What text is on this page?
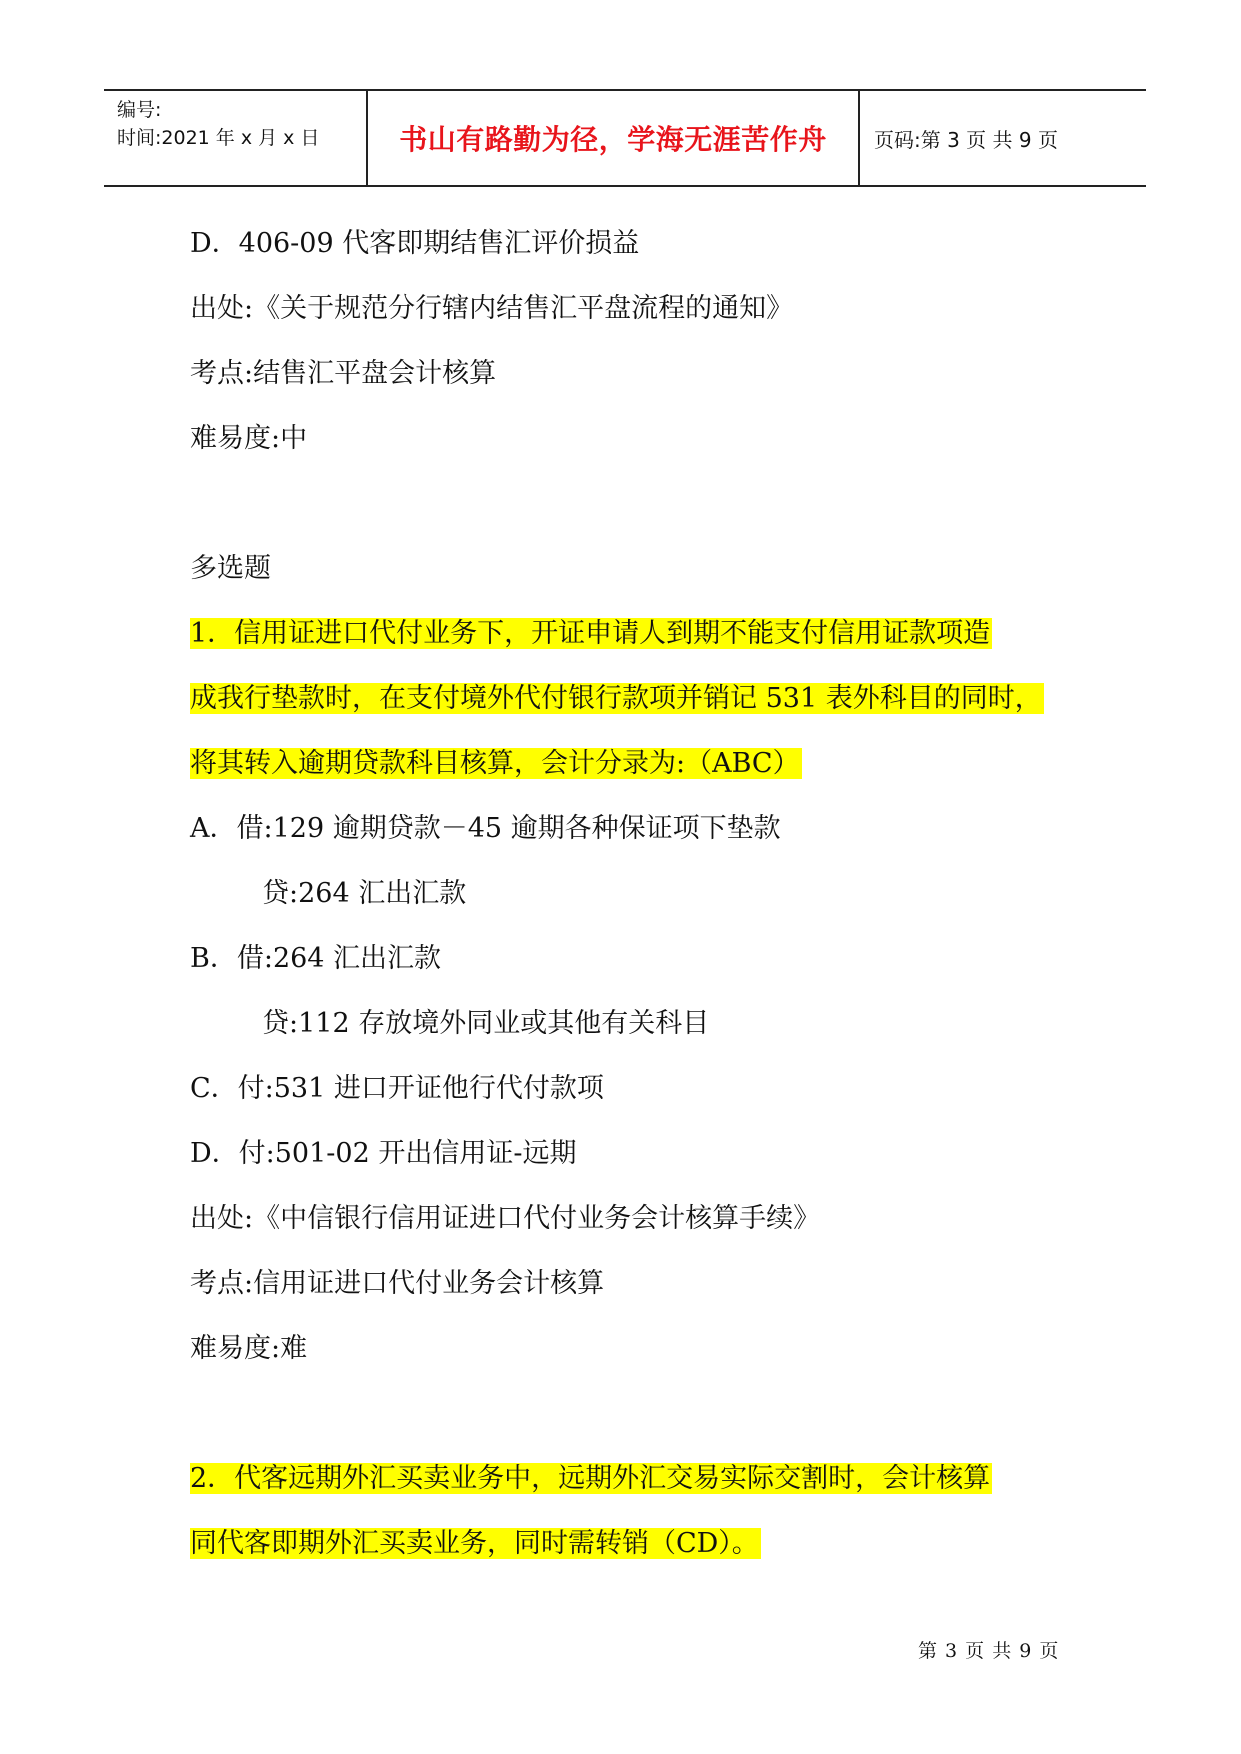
编号:
时间:2021 年 x 月 x 日	书山有路勤为径，学海无涯苦作舟 页码:第 3 页 共 9 页
D．406-09 代客即期结售汇评价损益
出处:《关于规范分行辖内结售汇平盘流程的通知》
考点:结售汇平盘会计核算
难易度:中
多选题
1．信用证进口代付业务下，开证申请人到期不能支付信用证款项造
成我行垫款时，在支付境外代付银行款项并销记 531 表外科目的同时，
将其转入逾期贷款科目核算，会计分录为:（ABC）
A．借:129 逾期贷款－45 逾期各种保证项下垫款
贷:264 汇出汇款
B．借:264 汇出汇款
贷:112 存放境外同业或其他有关科目
C．付:531 进口开证他行代付款项
D．付:501-02 开出信用证-远期
出处:《中信银行信用证进口代付业务会计核算手续》
考点:信用证进口代付业务会计核算
难易度:难
2．代客远期外汇买卖业务中，远期外汇交易实际交割时，会计核算
同代客即期外汇买卖业务，同时需转销（CD）。
第 3 页 共 9 页
